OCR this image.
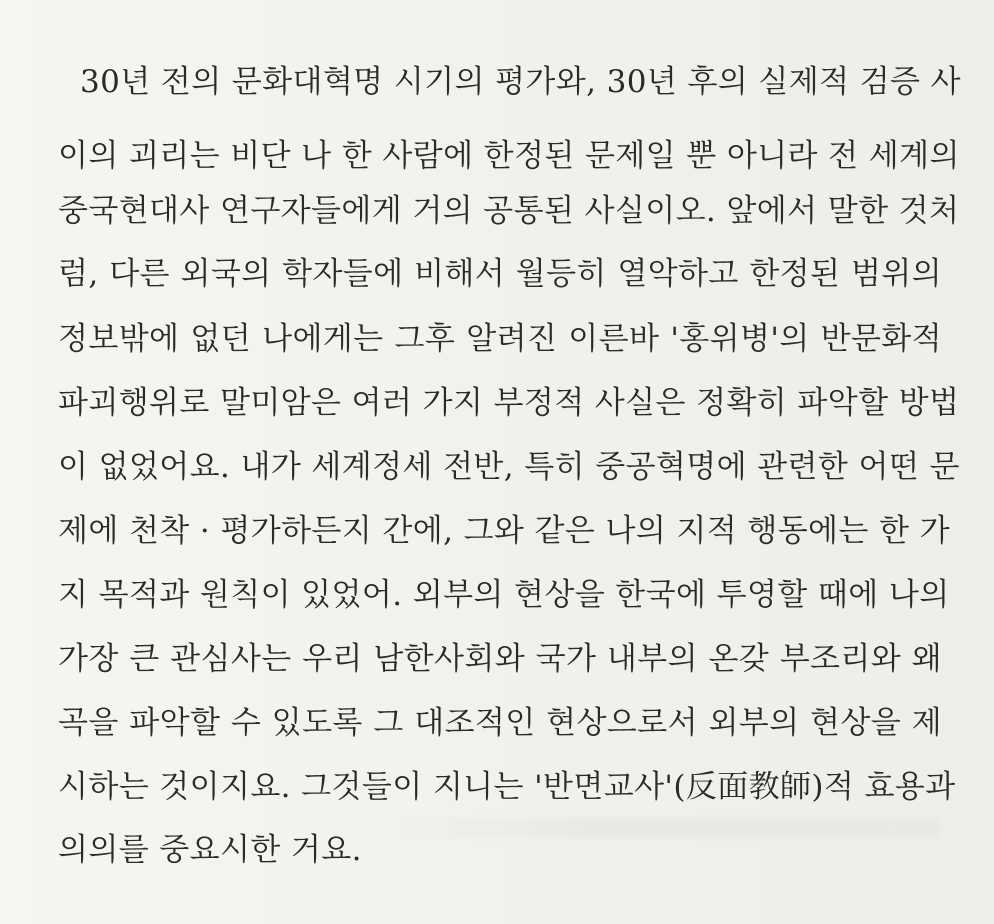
30년 전의 문화대혁명 시기의 평가와, 30년 후의 실제적 검증 사
이의 괴리는 비단 나 한 사람에 한정된 문제일 뿐 아니라 전 세계의
중국현대사 연구자들에게 거의 공통된 사실이오. 앞에서 말한 것처
럼, 다른 외국의 학자들에 비해서 월등히 열악하고 한정된 범위의
정보밖에 없던 나에게는 그후 알려진 이른바 '홍위병'의 반문화적
파괴행위로 말미암은 여러 가지 부정적 사실은 정확히 파악할 방법
이 없었어요. 내가 세계정세 전반, 특히 중공혁명에 관련한 어떤 문
제에 천착 · 평가하든지 간에, 그와 같은 나의 지적 행동에는 한 가
지 목적과 원칙이 있었어. 외부의 현상을 한국에 투영할 때에 나의
가장 큰 관심사는 우리 남한사회와 국가 내부의 온갖 부조리와 왜
곡을 파악할 수 있도록 그 대조적인 현상으로서 외부의 현상을 제
시하는 것이지요. 그것들이 지니는 '반면교사'(反面教師)적 효용과
의의를 중요시한 거요.
